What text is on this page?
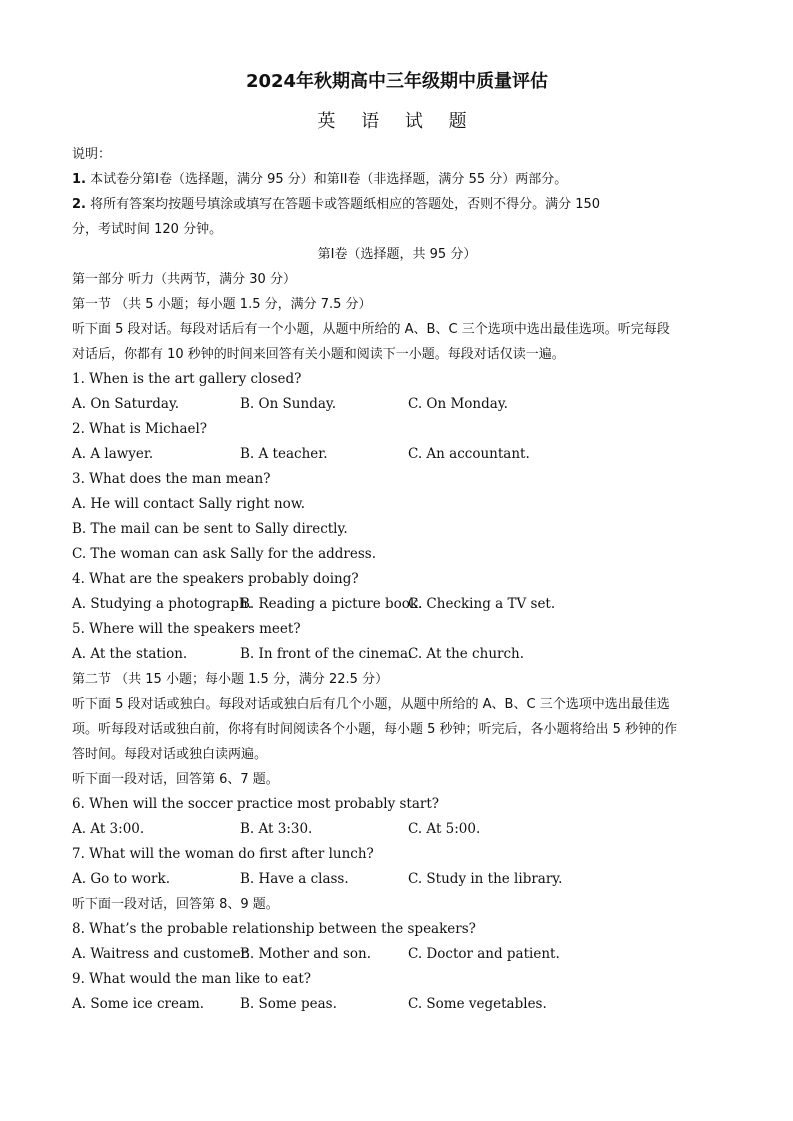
2024年秋期高中三年级期中质量评估
英 语 试 题
说明：
1. 本试卷分第I卷（选择题，满分 95 分）和第II卷（非选择题，满分 55 分）两部分。
2. 将所有答案均按题号填涂或填写在答题卡或答题纸相应的答题处，否则不得分。满分 150
分，考试时间 120 分钟。
第I卷（选择题，共 95 分）
第一部分 听力（共两节，满分 30 分）
第一节 （共 5 小题；每小题 1.5 分，满分 7.5 分）
听下面 5 段对话。每段对话后有一个小题，从题中所给的 A、B、C 三个选项中选出最佳选项。听完每段
对话后，你都有 10 秒钟的时间来回答有关小题和阅读下一小题。每段对话仅读一遍。
1. When is the art gallery closed?
A. On Saturday.	B. On Sunday.	C. On Monday.
2. What is Michael?
A. A lawyer.	B. A teacher.	C. An accountant.
3. What does the man mean?
A. He will contact Sally right now.
B. The mail can be sent to Sally directly.
C. The woman can ask Sally for the address.
4. What are the speakers probably doing?
A. Studying a photograph.
B. Reading a picture book.
C. Checking a TV set.
5. Where will the speakers meet?
A. At the station.	B. In front of the cinema.
C. At the church.
第二节 （共 15 小题；每小题 1.5 分，满分 22.5 分）
听下面 5 段对话或独白。每段对话或独白后有几个小题，从题中所给的 A、B、C 三个选项中选出最佳选
项。听每段对话或独白前，你将有时间阅读各个小题，每小题 5 秒钟；听完后，各小题将给出 5 秒钟的作
答时间。每段对话或独白读两遍。
听下面一段对话，回答第 6、7 题。
6. When will the soccer practice most probably start?
A. At 3:00.	B. At 3:30.	C. At 5:00.
7. What will the woman do first after lunch?
A. Go to work.	B. Have a class.	C. Study in the library.
听下面一段对话，回答第 8、9 题。
8. What’s the probable relationship between the speakers?
A. Waitress and customer.
B. Mother and son.	C. Doctor and patient.
9. What would the man like to eat?
A. Some ice cream.	B. Some peas.	C. Some vegetables.
